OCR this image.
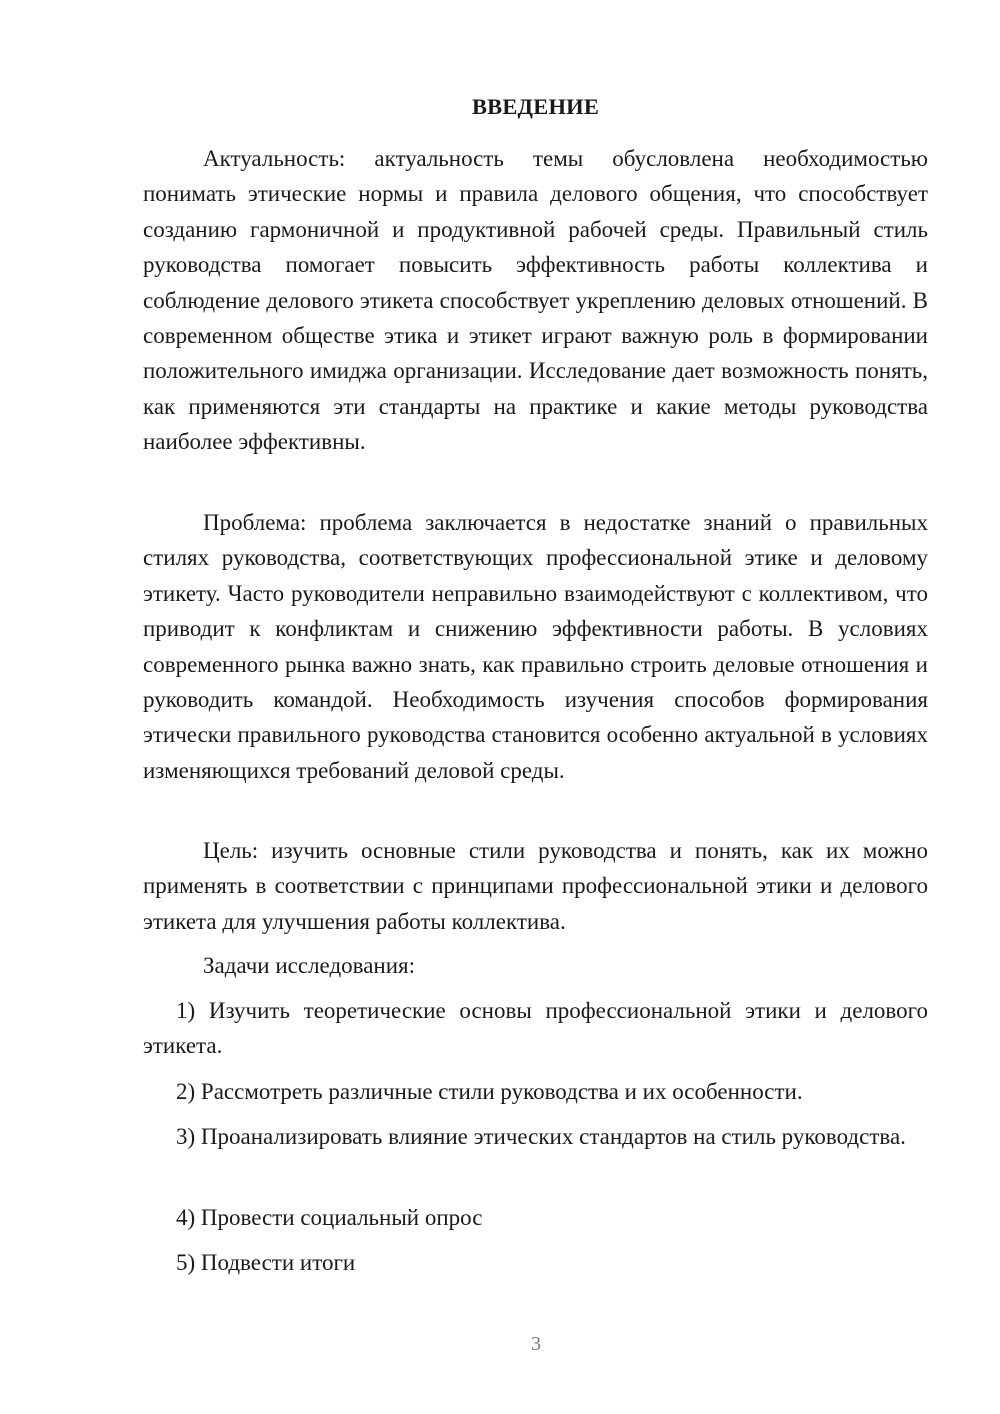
ВВЕДЕНИЕ

Актуальность: актуальность темы обусловлена необходимостью понимать этические нормы и правила делового общения, что способствует созданию гармоничной и продуктивной рабочей среды. Правильный стиль руководства помогает повысить эффективность работы коллектива и соблюдение делового этикета способствует укреплению деловых отношений. В современном обществе этика и этикет играют важную роль в формировании положительного имиджа организации. Исследование дает возможность понять, как применяются эти стандарты на практике и какие методы руководства наиболее эффективны.

Проблема: проблема заключается в недостатке знаний о правильных стилях руководства, соответствующих профессиональной этике и деловому этикету. Часто руководители неправильно взаимодействуют с коллективом, что приводит к конфликтам и снижению эффективности работы. В условиях современного рынка важно знать, как правильно строить деловые отношения и руководить командой. Необходимость изучения способов формирования этически правильного руководства становится особенно актуальной в условиях изменяющихся требований деловой среды.

Цель: изучить основные стили руководства и понять, как их можно применять в соответствии с принципами профессиональной этики и делового этикета для улучшения работы коллектива.

Задачи исследования:

1) Изучить теоретические основы профессиональной этики и делового этикета.

2) Рассмотреть различные стили руководства и их особенности.

3) Проанализировать влияние этических стандартов на стиль руководства.

4) Провести социальный опрос

5) Подвести итоги

3
